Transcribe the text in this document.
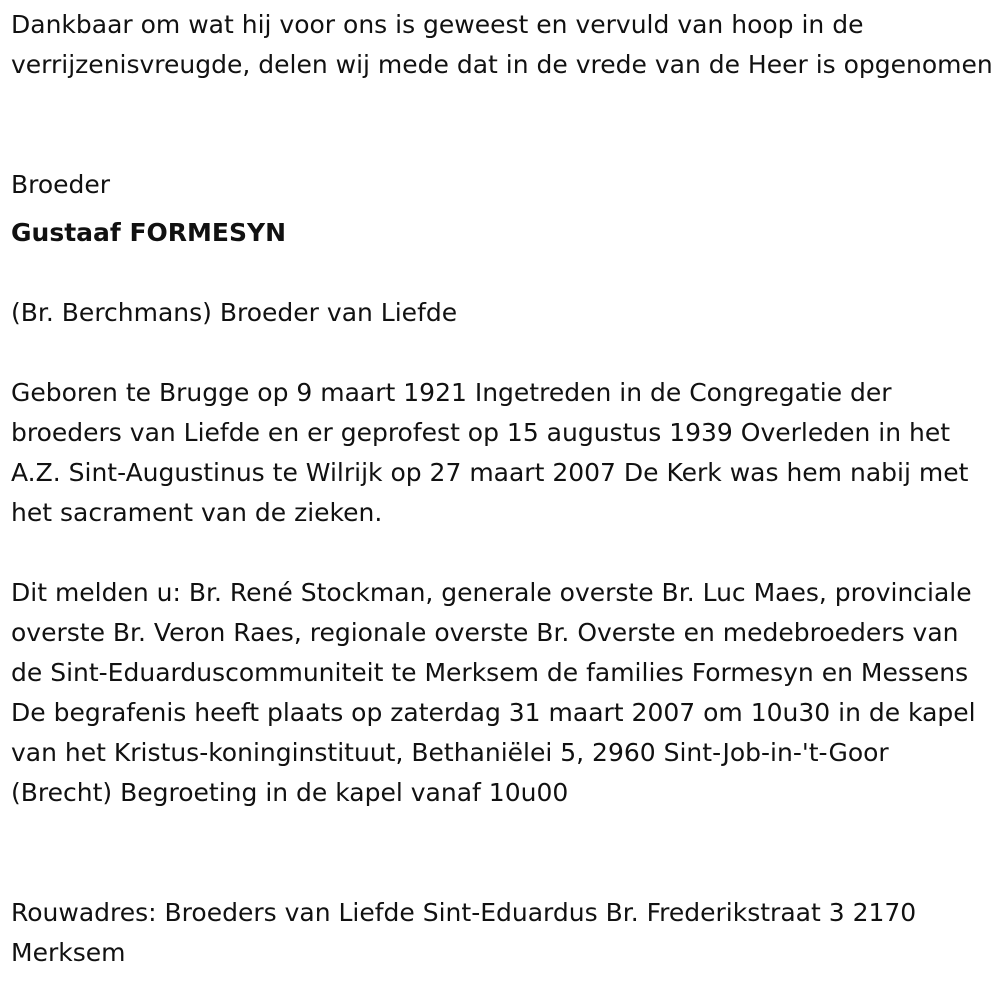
Dankbaar om wat hij voor ons is geweest en vervuld van hoop in de verrijzenisvreugde, delen wij mede dat in de vrede van de Heer is opgenomen

Broeder

Gustaaf FORMESYN

(Br. Berchmans) Broeder van Liefde

Geboren te Brugge op 9 maart 1921 Ingetreden in de Congregatie der broeders van Liefde en er geprofest op 15 augustus 1939 Overleden in het A.Z. Sint-Augustinus te Wilrijk op 27 maart 2007 De Kerk was hem nabij met het sacrament van de zieken.

Dit melden u: Br. René Stockman, generale overste Br. Luc Maes, provinciale overste Br. Veron Raes, regionale overste Br. Overste en medebroeders van de Sint-Eduarduscommuniteit te Merksem de families Formesyn en Messens De begrafenis heeft plaats op zaterdag 31 maart 2007 om 10u30 in de kapel van het Kristus-koninginstituut, Bethaniëlei 5, 2960 Sint-Job-in-'t-Goor (Brecht) Begroeting in de kapel vanaf 10u00

Rouwadres: Broeders van Liefde Sint-Eduardus Br. Frederikstraat 3 2170 Merksem
